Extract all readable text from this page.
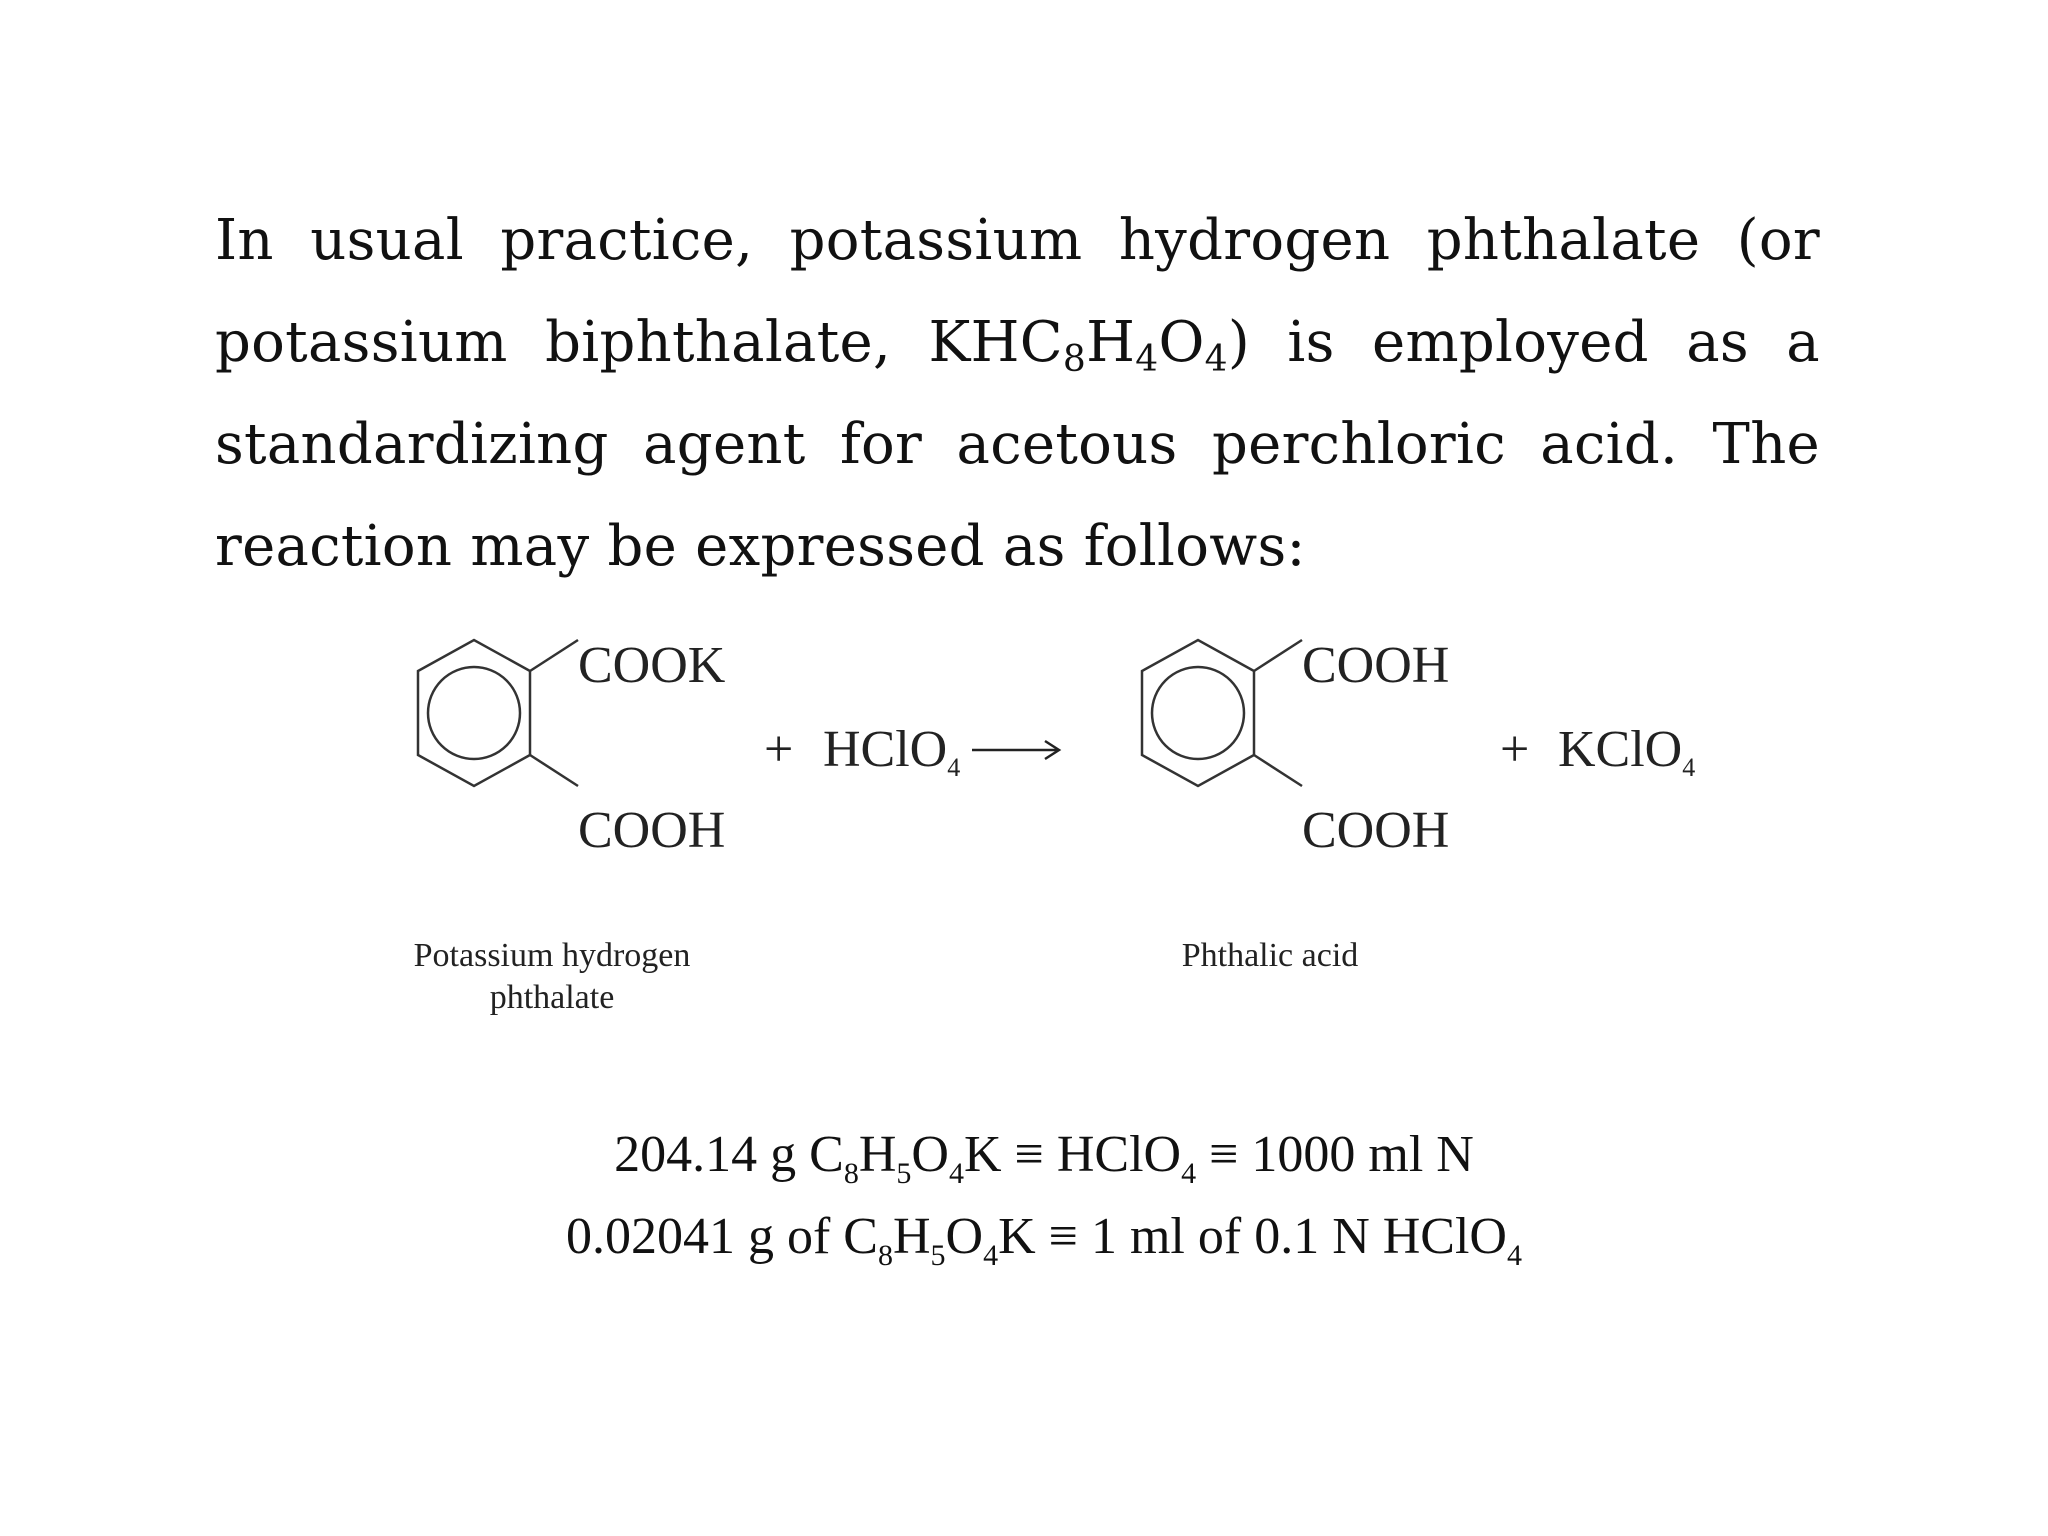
In usual practice, potassium hydrogen phthalate (or potassium biphthalate, $KHC_8H_4O_4$) is employed as a standardizing agent for acetous perchloric acid. The reaction may be expressed as follows:
COOK
COOH
+ HClO4
COOH
COOH
+ KClO4
Potassium hydrogen
phthalate
Phthalic acid
204.14 g $C_8H_5O_4K$ ≡ HClO$_4$ ≡ 1000 ml N
0.02041 g of $C_8H_5O_4K \equiv 1$ ml of 0.1 N HClO$_4$
